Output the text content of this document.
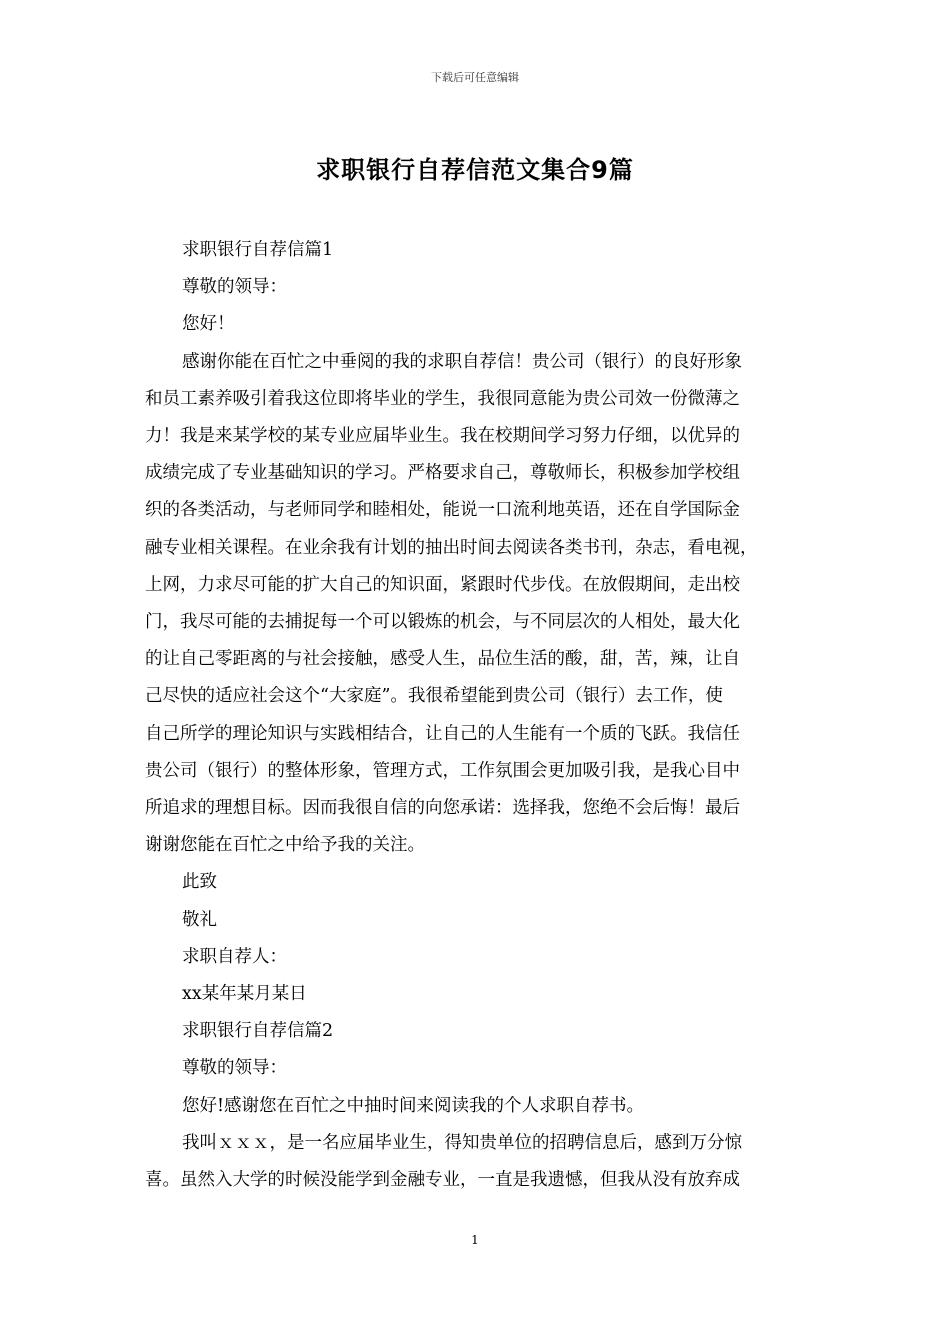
下载后可任意编辑
求职银行自荐信范文集合9篇

求职银行自荐信篇1

尊敬的领导：

您好！

感谢你能在百忙之中垂阅的我的求职自荐信！贵公司（银行）的良好形象
和员工素养吸引着我这位即将毕业的学生，我很同意能为贵公司效一份微薄之
力！我是来某学校的某专业应届毕业生。我在校期间学习努力仔细，以优异的
成绩完成了专业基础知识的学习。严格要求自己，尊敬师长，积极参加学校组
织的各类活动，与老师同学和睦相处，能说一口流利地英语，还在自学国际金
融专业相关课程。在业余我有计划的抽出时间去阅读各类书刊，杂志，看电视，
上网，力求尽可能的扩大自己的知识面，紧跟时代步伐。在放假期间，走出校
门，我尽可能的去捕捉每一个可以锻炼的机会，与不同层次的人相处，最大化
的让自己零距离的与社会接触，感受人生，品位生活的酸，甜，苦，辣，让自
己尽快的适应社会这个“大家庭”。我很希望能到贵公司（银行）去工作，使
自己所学的理论知识与实践相结合，让自己的人生能有一个质的飞跃。我信任
贵公司（银行）的整体形象，管理方式，工作氛围会更加吸引我，是我心目中
所追求的理想目标。因而我很自信的向您承诺：选择我，您绝不会后悔！最后
谢谢您能在百忙之中给予我的关注。

此致

敬礼

求职自荐人：

xx某年某月某日

求职银行自荐信篇2

尊敬的领导：

您好!感谢您在百忙之中抽时间来阅读我的个人求职自荐书。

我叫ｘｘｘ，是一名应届毕业生，得知贵单位的招聘信息后，感到万分惊
喜。虽然入大学的时候没能学到金融专业，一直是我遗憾，但我从没有放弃成
1
